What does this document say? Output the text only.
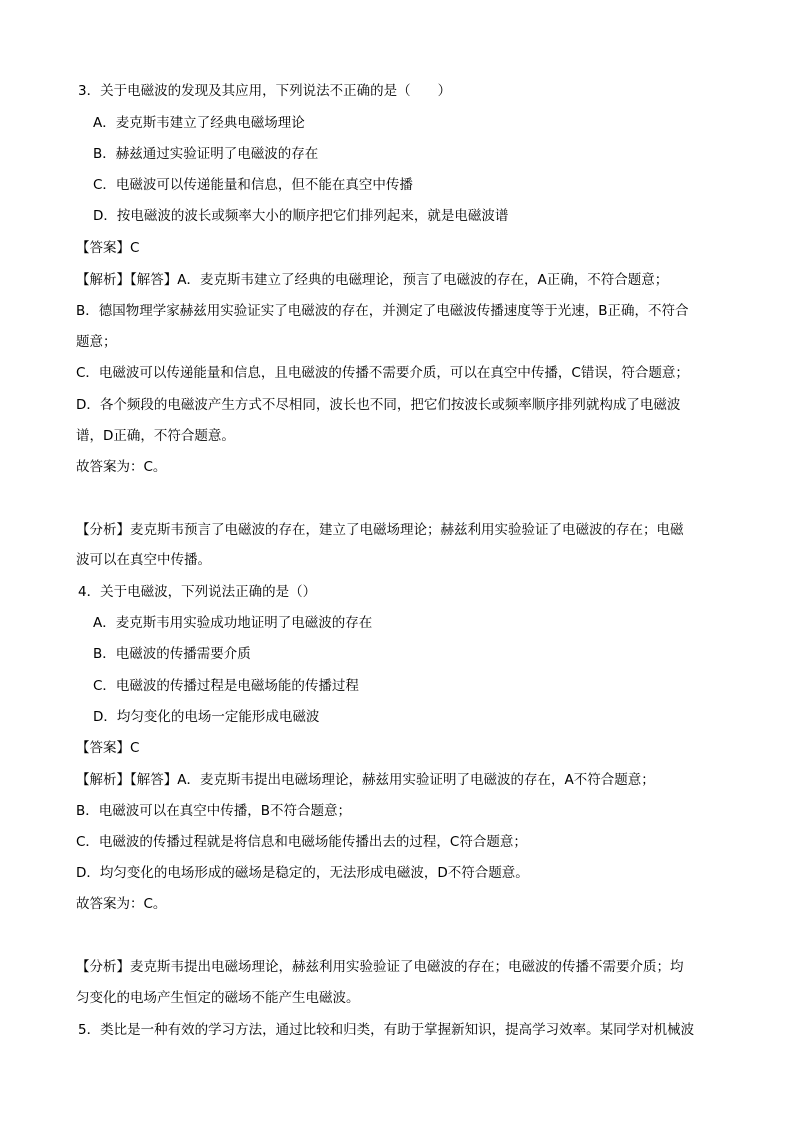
3．关于电磁波的发现及其应用，下列说法不正确的是（　　）
A．麦克斯韦建立了经典电磁场理论
B．赫兹通过实验证明了电磁波的存在
C．电磁波可以传递能量和信息，但不能在真空中传播
D．按电磁波的波长或频率大小的顺序把它们排列起来，就是电磁波谱
【答案】C
【解析】【解答】A．麦克斯韦建立了经典的电磁理论，预言了电磁波的存在，A正确，不符合题意；
B．德国物理学家赫兹用实验证实了电磁波的存在，并测定了电磁波传播速度等于光速，B正确，不符合
题意；
C．电磁波可以传递能量和信息，且电磁波的传播不需要介质，可以在真空中传播，C错误，符合题意；
D．各个频段的电磁波产生方式不尽相同，波长也不同，把它们按波长或频率顺序排列就构成了电磁波
谱，D正确，不符合题意。
故答案为：C。
【分析】麦克斯韦预言了电磁波的存在，建立了电磁场理论；赫兹利用实验验证了电磁波的存在；电磁
波可以在真空中传播。
4．关于电磁波，下列说法正确的是（）
A．麦克斯韦用实验成功地证明了电磁波的存在
B．电磁波的传播需要介质
C．电磁波的传播过程是电磁场能的传播过程
D．均匀变化的电场一定能形成电磁波
【答案】C
【解析】【解答】A．麦克斯韦提出电磁场理论，赫兹用实验证明了电磁波的存在，A不符合题意；
B．电磁波可以在真空中传播，B不符合题意；
C．电磁波的传播过程就是将信息和电磁场能传播出去的过程，C符合题意；
D．均匀变化的电场形成的磁场是稳定的，无法形成电磁波，D不符合题意。
故答案为：C。
【分析】麦克斯韦提出电磁场理论，赫兹利用实验验证了电磁波的存在；电磁波的传播不需要介质；均
匀变化的电场产生恒定的磁场不能产生电磁波。
5．类比是一种有效的学习方法，通过比较和归类，有助于掌握新知识，提高学习效率。某同学对机械波
